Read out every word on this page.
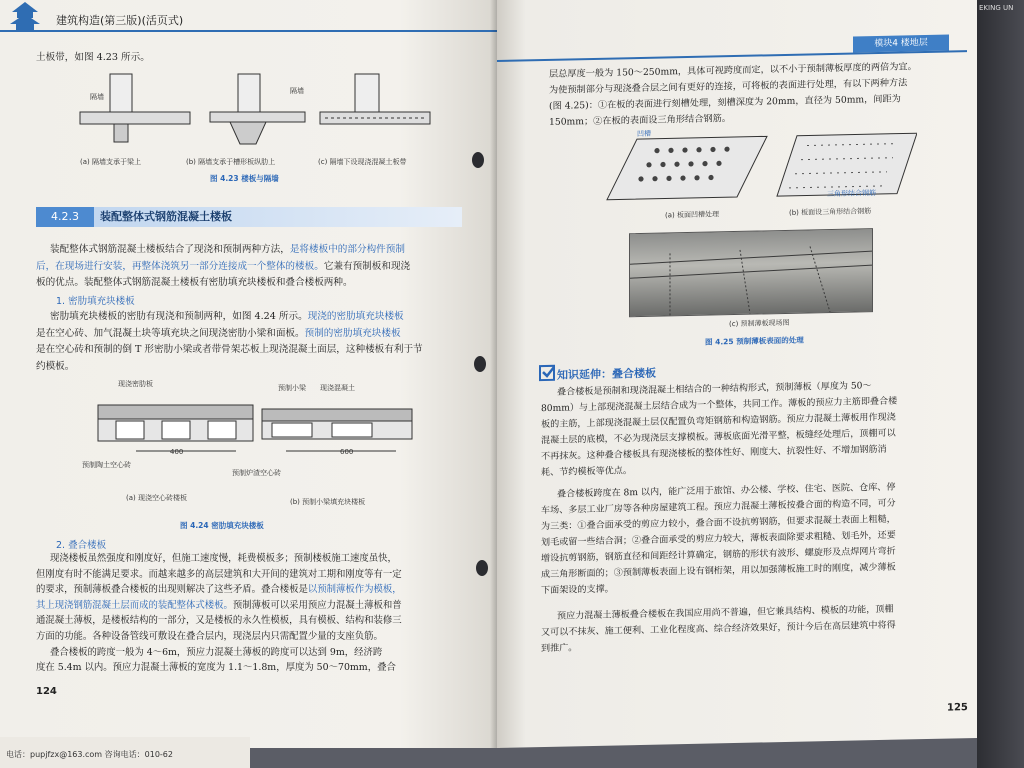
建筑构造(第三版)(活页式)

土板带，如图 4.23 所示。

隔墙
隔墙
(a) 隔墙支承于梁上	(b) 隔墙支承于槽形板纵肋上	(c) 隔墙下设现浇混凝土板带
图 4.23 楼板与隔墙
4.2.3	装配整体式钢筋混凝土楼板

装配整体式钢筋混凝土楼板结合了现浇和预制两种方法，是将楼板中的部分构件预制
后，在现场进行安装，再整体浇筑另一部分连接成一个整体的楼板。它兼有预制板和现浇
板的优点。装配整体式钢筋混凝土楼板有密肋填充块楼板和叠合楼板两种。

1. 密肋填充块楼板

密肋填充块楼板的密肋有现浇和预制两种，如图 4.24 所示。现浇的密肋填充块楼板
是在空心砖、加气混凝土块等填充块之间现浇密肋小梁和面板。预制的密肋填充块楼板
是在空心砖和预制的倒 T 形密肋小梁或者带骨架芯板上现浇混凝土面层，这种楼板有利于节
约模板。

现浇密肋板	预制小梁 现浇混凝土
预制陶土空心砖
预制炉渣空心砖
400	600
(a) 现浇空心砖楼板	(b) 预制小梁填充块楼板
图 4.24 密肋填充块楼板
2. 叠合楼板

现浇楼板虽然强度和刚度好，但施工速度慢，耗费模板多；预制楼板施工速度虽快，
但刚度有时不能满足要求。而越来越多的高层建筑和大开间的建筑对工期和刚度等有一定
的要求，预制薄板叠合楼板的出现则解决了这些矛盾。叠合楼板是以预制薄板作为模板，
其上现浇钢筋混凝土层而成的装配整体式楼板。预制薄板可以采用预应力混凝土薄板和普
通混凝土薄板，是楼板结构的一部分，又是楼板的永久性模板，具有模板、结构和装修三
方面的功能。各种设备管线可敷设在叠合层内，现浇层内只需配置少量的支座负筋。
叠合楼板的跨度一般为 4～6m，预应力混凝土薄板的跨度可以达到 9m，经济跨
度在 5.4m 以内。预应力混凝土薄板的宽度为 1.1～1.8m，厚度为 50～70mm，叠合

124
电话：pupjfzx@163.com 咨询电话：010-62
模块4 楼地层

层总厚度一般为 150～250mm，具体可视跨度而定，以不小于预制薄板厚度的两倍为宜。
为使预制部分与现浇叠合层之间有更好的连接，可将板的表面进行处理，有以下两种方法
(图 4.25)：①在板的表面进行刻槽处理，刻槽深度为 20mm，直径为 50mm，间距为
150mm；②在板的表面设三角形结合钢筋。

凹槽
三角形结合钢筋
(a) 板面凹槽处理	(b) 板面设三角形结合钢筋
(c) 预制薄板现场图
图 4.25 预制薄板表面的处理
知识延伸：叠合楼板

叠合楼板是预制和现浇混凝土相结合的一种结构形式，预制薄板（厚度为 50～
80mm）与上部现浇混凝土层结合成为一个整体，共同工作。薄板的预应力主筋即叠合楼
板的主筋，上部现浇混凝土层仅配置负弯矩钢筋和构造钢筋。预应力混凝土薄板用作现浇
混凝土层的底模，不必为现浇层支撑模板。薄板底面光滑平整，板缝经处理后，顶棚可以
不再抹灰。这种叠合楼板具有现浇楼板的整体性好、刚度大、抗裂性好、不增加钢筋消
耗、节约模板等优点。

叠合楼板跨度在 8m 以内，能广泛用于旅馆、办公楼、学校、住宅、医院、仓库、停
车场、多层工业厂房等各种房屋建筑工程。预应力混凝土薄板按叠合面的构造不同，可分
为三类：①叠合面承受的剪应力较小，叠合面不设抗剪钢筋，但要求混凝土表面上粗糙，
划毛或留一些结合洞；②叠合面承受的剪应力较大，薄板表面除要求粗糙、划毛外，还要
增设抗剪钢筋，钢筋直径和间距经计算确定，钢筋的形状有波形、螺旋形及点焊网片弯折
成三角形断面的；③预制薄板表面上设有钢桁架，用以加强薄板施工时的刚度，减少薄板
下面架设的支撑。

预应力混凝土薄板叠合楼板在我国应用尚不普遍，但它兼具结构、模板的功能，顶棚
又可以不抹灰、施工便利、工业化程度高、综合经济效果好，预计今后在高层建筑中将得
到推广。

125
EKING UN
